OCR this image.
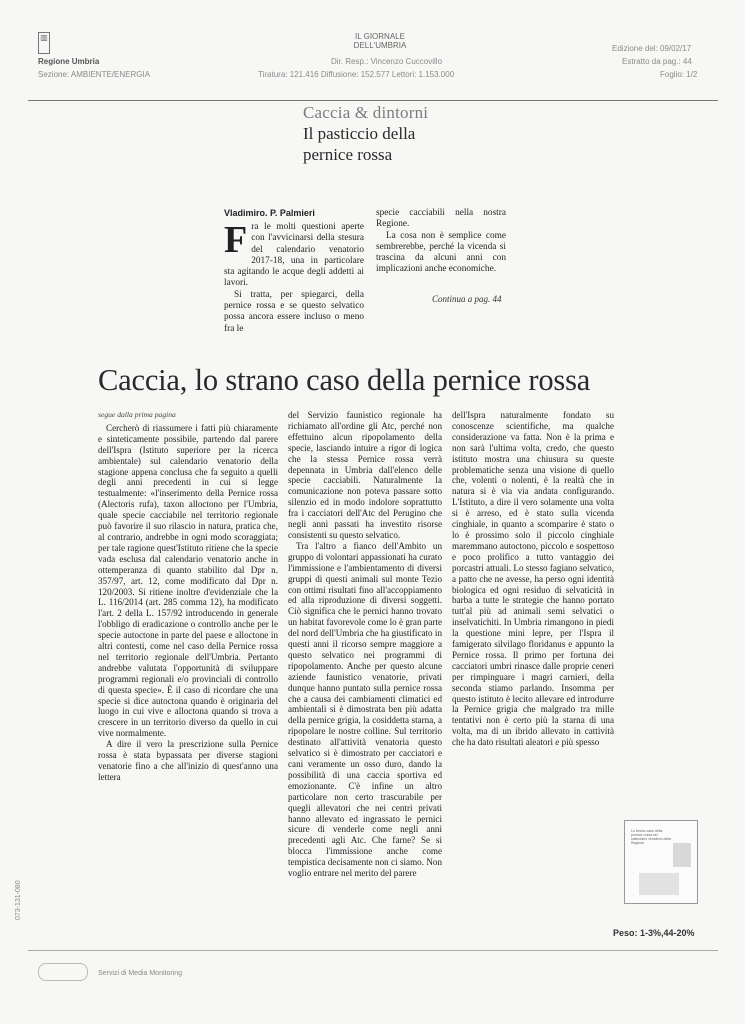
▥
Regione Umbria
Sezione: AMBIENTE/ENERGIA
IL GIORNALE DELL'UMBRIA
Dir. Resp.: Vincenzo Cuccovillo
Tiratura: 121.416 Diffusione: 152.577 Lettori: 1.153.000
Edizione del: 09/02/17
Estratto da pag.: 44
Foglio: 1/2
Caccia & dintorni
Il pasticcio della pernice rossa
Vladimiro. P. Palmieri
Fra le molti questioni aperte con l'avvicinarsi della stesura del calendario venatorio 2017-18, una in particolare sta agitando le acque degli addetti ai lavori.
Si tratta, per spiegarci, della pernice rossa e se questo selvatico possa ancora essere incluso o meno fra le
specie cacciabili nella nostra Regione.
La cosa non è semplice come sembrerebbe, perché la vicenda si trascina da alcuni anni con implicazioni anche economiche.
Continua a pag. 44
Caccia, lo strano caso della pernice rossa
segue dalla prima pagina
Cercherò di riassumere i fatti più chiaramente e sinteticamente possibile, partendo dal parere dell'Ispra (Istituto superiore per la ricerca ambientale) sul calendario venatorio della stagione appena conclusa che fa seguito a quelli degli anni precedenti in cui si legge testualmente: «l'inserimento della Pernice rossa (Alectoris rufa), taxon alloctono per l'Umbria, quale specie cacciabile nel territorio regionale può favorire il suo rilascio in natura, pratica che, al contrario, andrebbe in ogni modo scoraggiata; per tale ragione quest'Istituto ritiene che la specie vada esclusa dal calendario venatorio anche in ottemperanza di quanto stabilito dal Dpr n. 357/97, art. 12, come modificato dal Dpr n. 120/2003. Si ritiene inoltre d'evidenziale che la L. 116/2014 (art. 285 comma 12), ha modificato l'art. 2 della L. 157/92 introducendo in generale l'obbligo di eradicazione o controllo anche per le specie autoctone in parte del paese e alloctone in altri contesti, come nel caso della Pernice rossa nel territorio regionale dell'Umbria. Pertanto andrebbe valutata l'opportunità di sviluppare programmi regionali e/o provinciali di controllo di questa specie». È il caso di ricordare che una specie si dice autoctona quando è originaria del luogo in cui vive e alloctona quando si trova a crescere in un territorio diverso da quello in cui vive normalmente.
A dire il vero la prescrizione sulla Pernice rossa è stata bypassata per diverse stagioni venatorie fino a che all'inizio di quest'anno una lettera
del Servizio faunistico regionale ha richiamato all'ordine gli Atc, perché non effettuino alcun ripopolamento della specie, lasciando intuire a rigor di logica che la stessa Pernice rossa verrà depennata in Umbria dall'elenco delle specie cacciabili. Naturalmente la comunicazione non poteva passare sotto silenzio ed in modo indolore soprattutto fra i cacciatori dell'Atc del Perugino che negli anni passati ha investito risorse consistenti su questo selvatico.
Tra l'altro a fianco dell'Ambito un gruppo di volontari appassionati ha curato l'immissione e l'ambientamento di diversi gruppi di questi animali sul monte Tezio con ottimi risultati fino all'accoppiamento ed alla riproduzione di diversi soggetti. Ciò significa che le pernici hanno trovato un habitat favorevole come lo è gran parte del nord dell'Umbria che ha giustificato in questi anni il ricorso sempre maggiore a questo selvatico nei programmi di ripopolamento. Anche per questo alcune aziende faunistico venatorie, privati dunque hanno puntato sulla pernice rossa che a causa dei cambiamenti climatici ed ambientali si è dimostrata ben più adatta della pernice grigia, la cosiddetta starna, a ripopolare le nostre colline. Sul territorio destinato all'attività venatoria questo selvatico si è dimostrato per cacciatori e cani veramente un osso duro, dando la possibilità di una caccia sportiva ed emozionante. C'è infine un altro particolare non certo trascurabile per quegli allevatori che nei centri privati hanno allevato ed ingrassato le pernici sicure di venderle come negli anni precedenti agli Atc. Che farne? Se si blocca l'immissione anche come tempistica decisamente non ci siamo. Non voglio entrare nel merito del parere
dell'Ispra naturalmente fondato su conoscenze scientifiche, ma qualche considerazione va fatta. Non è la prima e non sarà l'ultima volta, credo, che questo istituto mostra una chiusura su queste problematiche senza una visione di quello che, volenti o nolenti, è la realtà che in natura si è via via andata configurando. L'Istituto, a dire il vero solamente una volta si è arreso, ed è stato sulla vicenda cinghiale, in quanto a scomparire è stato o lo è prossimo solo il piccolo cinghiale maremmano autoctono, piccolo e sospettoso e poco prolifico a tutto vantaggio dei porcastri attuali. Lo stesso fagiano selvatico, a patto che ne avesse, ha perso ogni identità biologica ed ogni residuo di selvaticità in barba a tutte le strategie che hanno portato tutt'al più ad animali semi selvatici o inselvatichiti. In Umbria rimangono in piedi la questione mini lepre, per l'Ispra il famigerato silvilago floridanus e appunto la Pernice rossa. Il primo per fortuna dei cacciatori umbri rinasce dalle proprie ceneri per rimpinguare i magri carnieri, della seconda stiamo parlando. Insomma per questo istituto è lecito allevare ed introdurre la Pernice grigia che malgrado tra mille tentativi non è certo più la starna di una volta, ma di un ibrido allevato in cattività che ha dato risultati aleatori e più spesso
Lo strano caso della pernice rossa nel calendario venatorio della Regione
Peso: 1-3%,44-20%
073-131-080
Servizi di Media Monitoring
